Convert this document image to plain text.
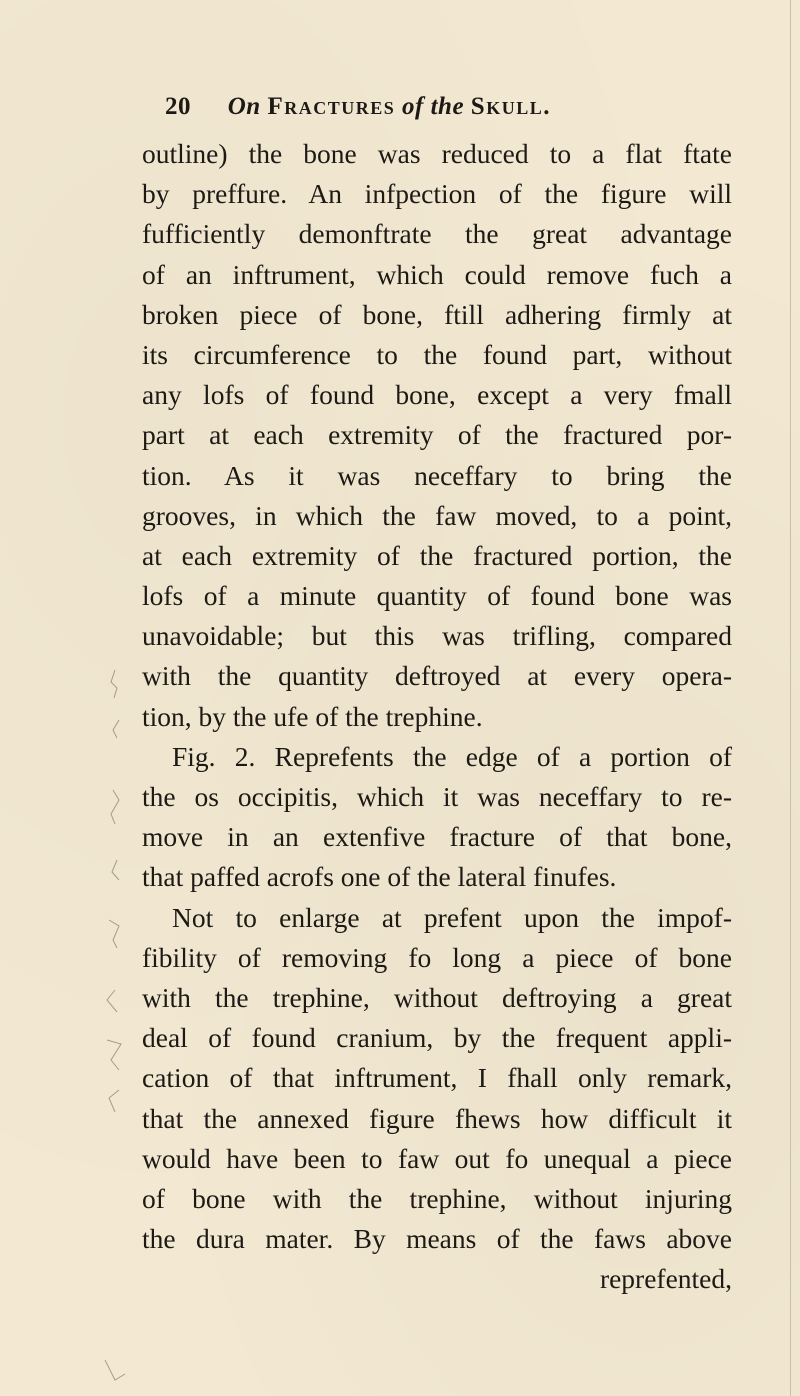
20 On Fractures of the Skull.
outline) the bone was reduced to a flat ftate
by preffure. An infpection of the figure will
fufficiently demonftrate the great advantage
of an inftrument, which could remove fuch a
broken piece of bone, ftill adhering firmly at
its circumference to the found part, without
any lofs of found bone, except a very fmall
part at each extremity of the fractured por-
tion. As it was neceffary to bring the
grooves, in which the faw moved, to a point,
at each extremity of the fractured portion, the
lofs of a minute quantity of found bone was
unavoidable; but this was trifling, compared
with the quantity deftroyed at every opera-
tion, by the ufe of the trephine.
Fig. 2. Reprefents the edge of a portion of
the os occipitis, which it was neceffary to re-
move in an extenfive fracture of that bone,
that paffed acrofs one of the lateral finufes.
Not to enlarge at prefent upon the impof-
fibility of removing fo long a piece of bone
with the trephine, without deftroying a great
deal of found cranium, by the frequent appli-
cation of that inftrument, I fhall only remark,
that the annexed figure fhews how difficult it
would have been to faw out fo unequal a piece
of bone with the trephine, without injuring
the dura mater. By means of the faws above
reprefented,
